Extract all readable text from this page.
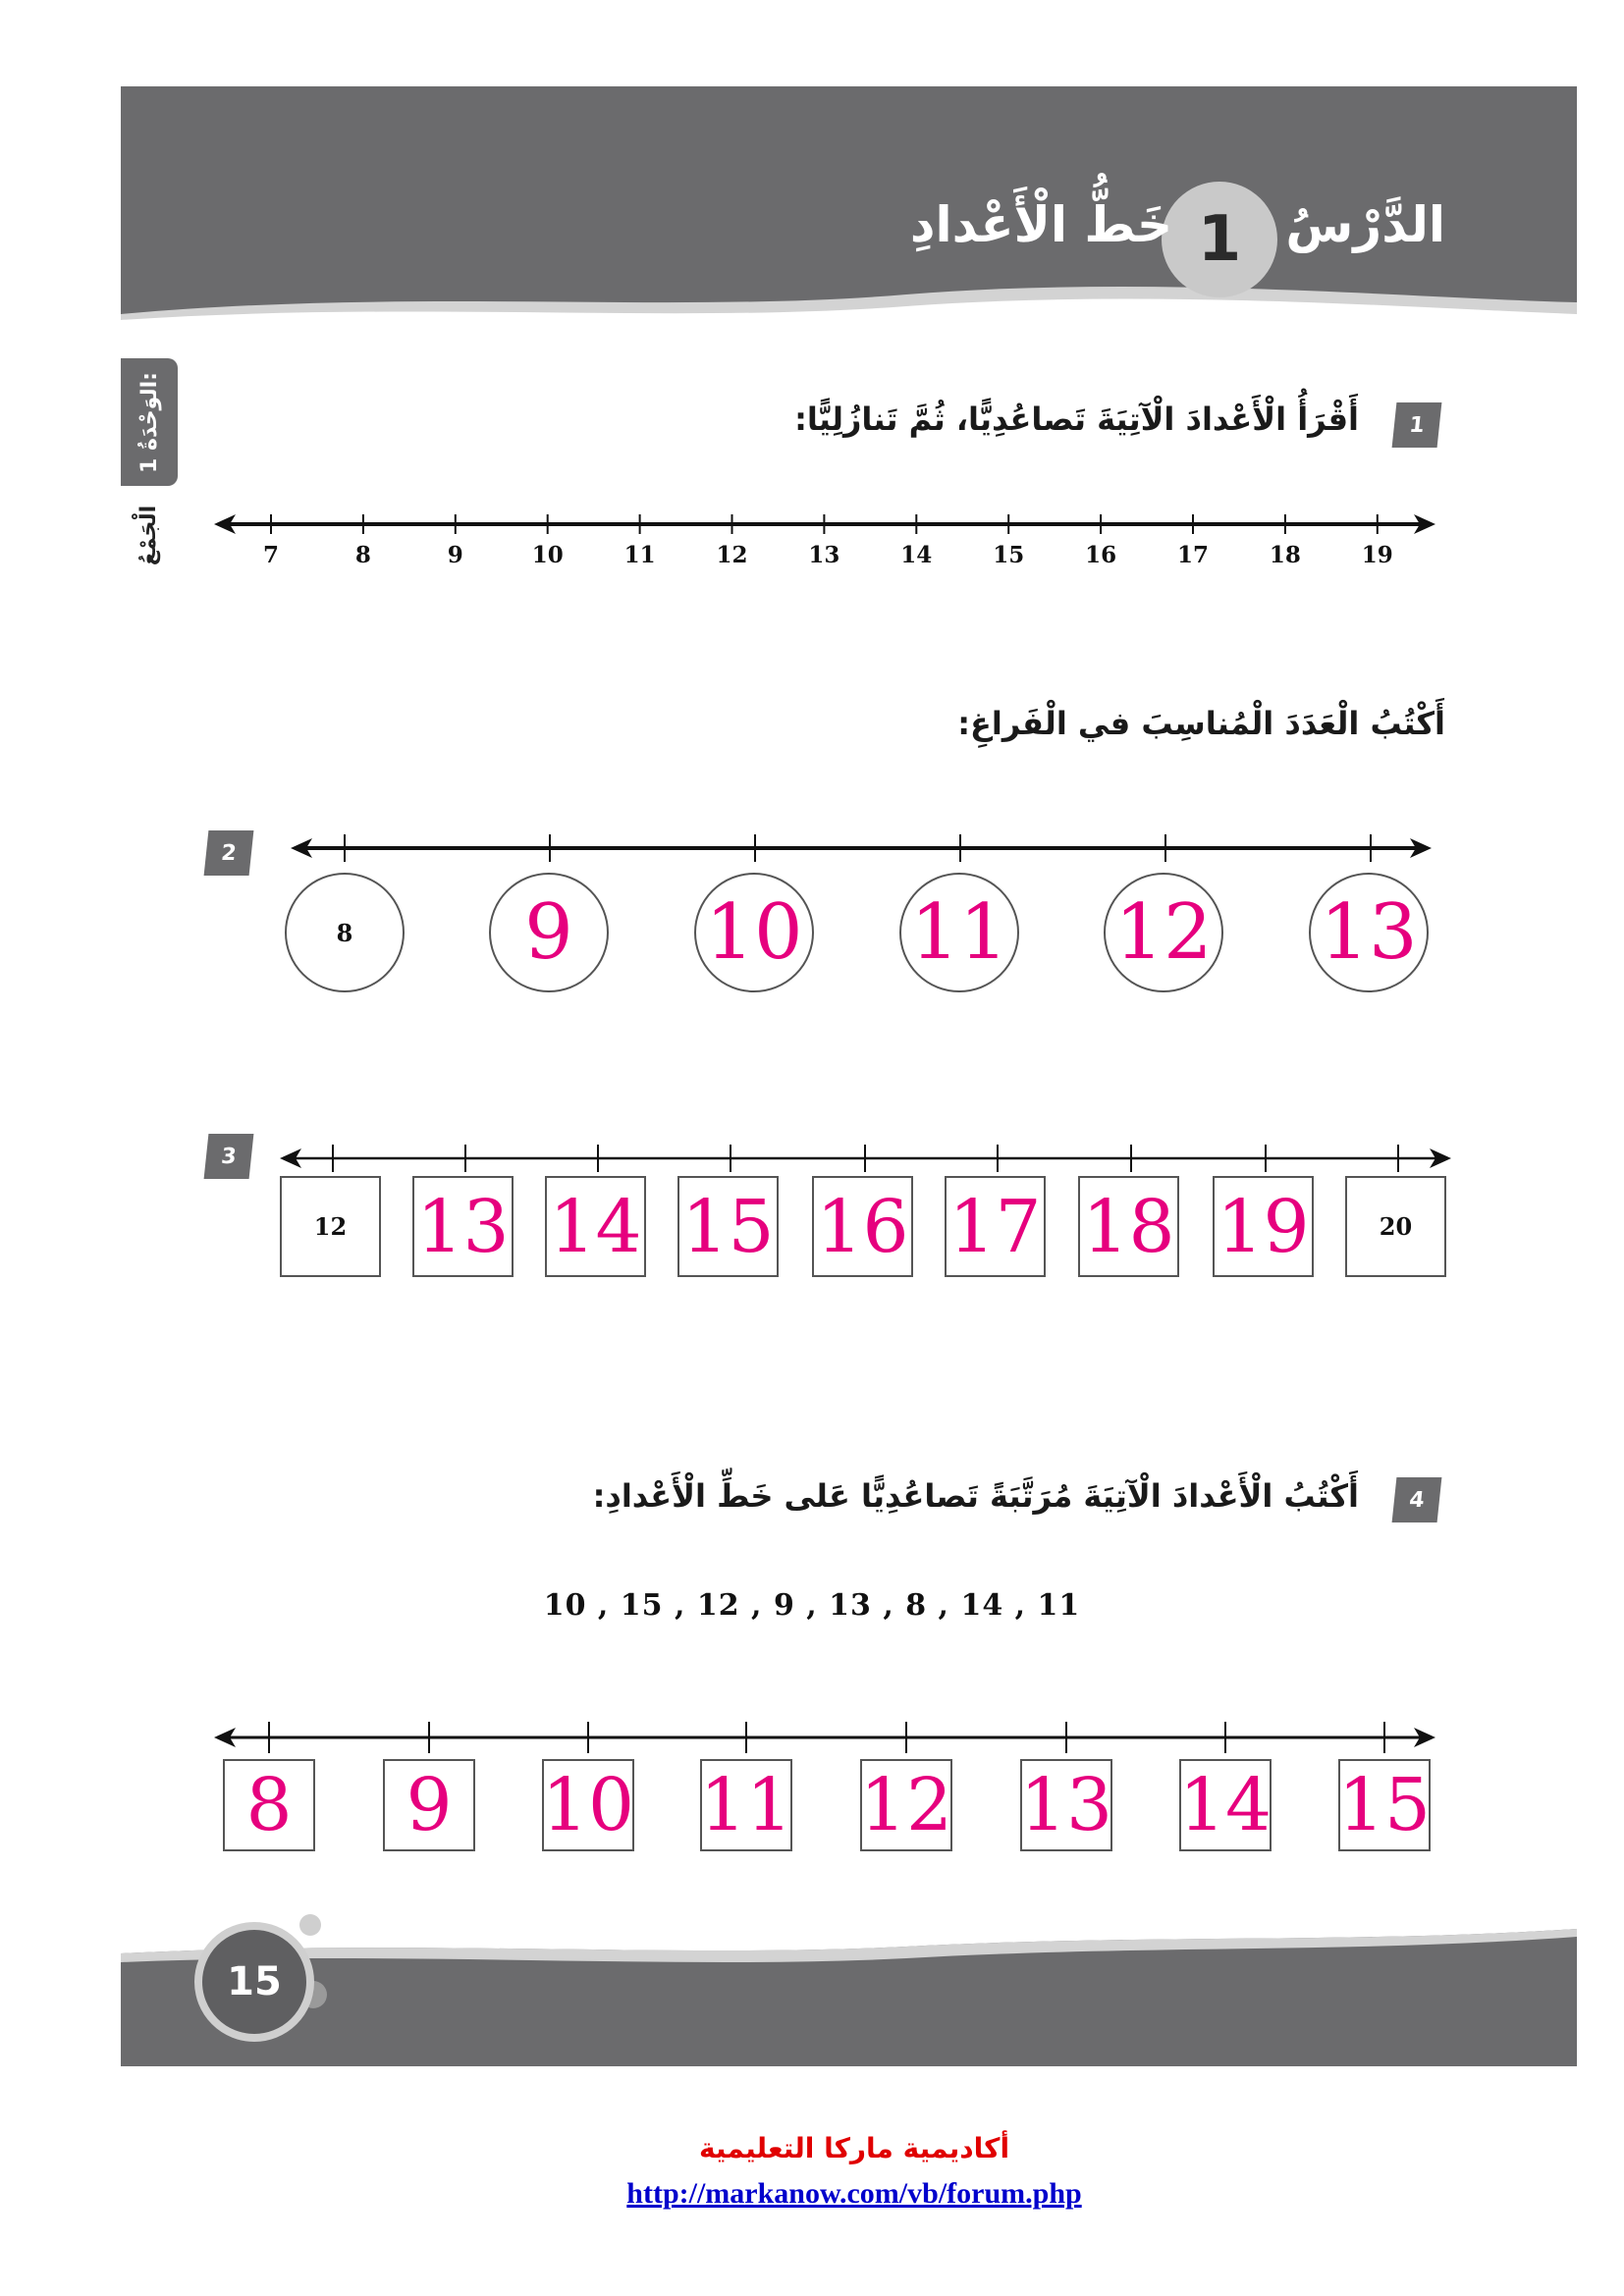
الدَّرْسُ
1
خَطُّ الْأَعْدادِ
الوَحْدَةُ 1:
الْجَمْعُ
1
أَقْرَأُ الْأَعْدادَ الْآتِيَةَ تَصاعُدِيًّا، ثُمَّ تَنازُلِيًّا:
أَكْتُبُ الْعَدَدَ الْمُناسِبَ في الْفَراغِ:
2
3
7	8	9	10	11	12	13	14	15	16	17	18	19
8 9 10 11 12 13
12 13 14 15 16 17 18 19	20
4
أَكْتُبُ الْأَعْدادَ الْآتِيَةَ مُرَتَّبَةً تَصاعُدِيًّا عَلى خَطِّ الْأَعْدادِ:
10 , 15 , 12 , 9 , 13 , 8 , 14 , 11
8 9 10 11 12 13 14 15
15
أكاديمية ماركا التعليمية
http://markanow.com/vb/forum.php
